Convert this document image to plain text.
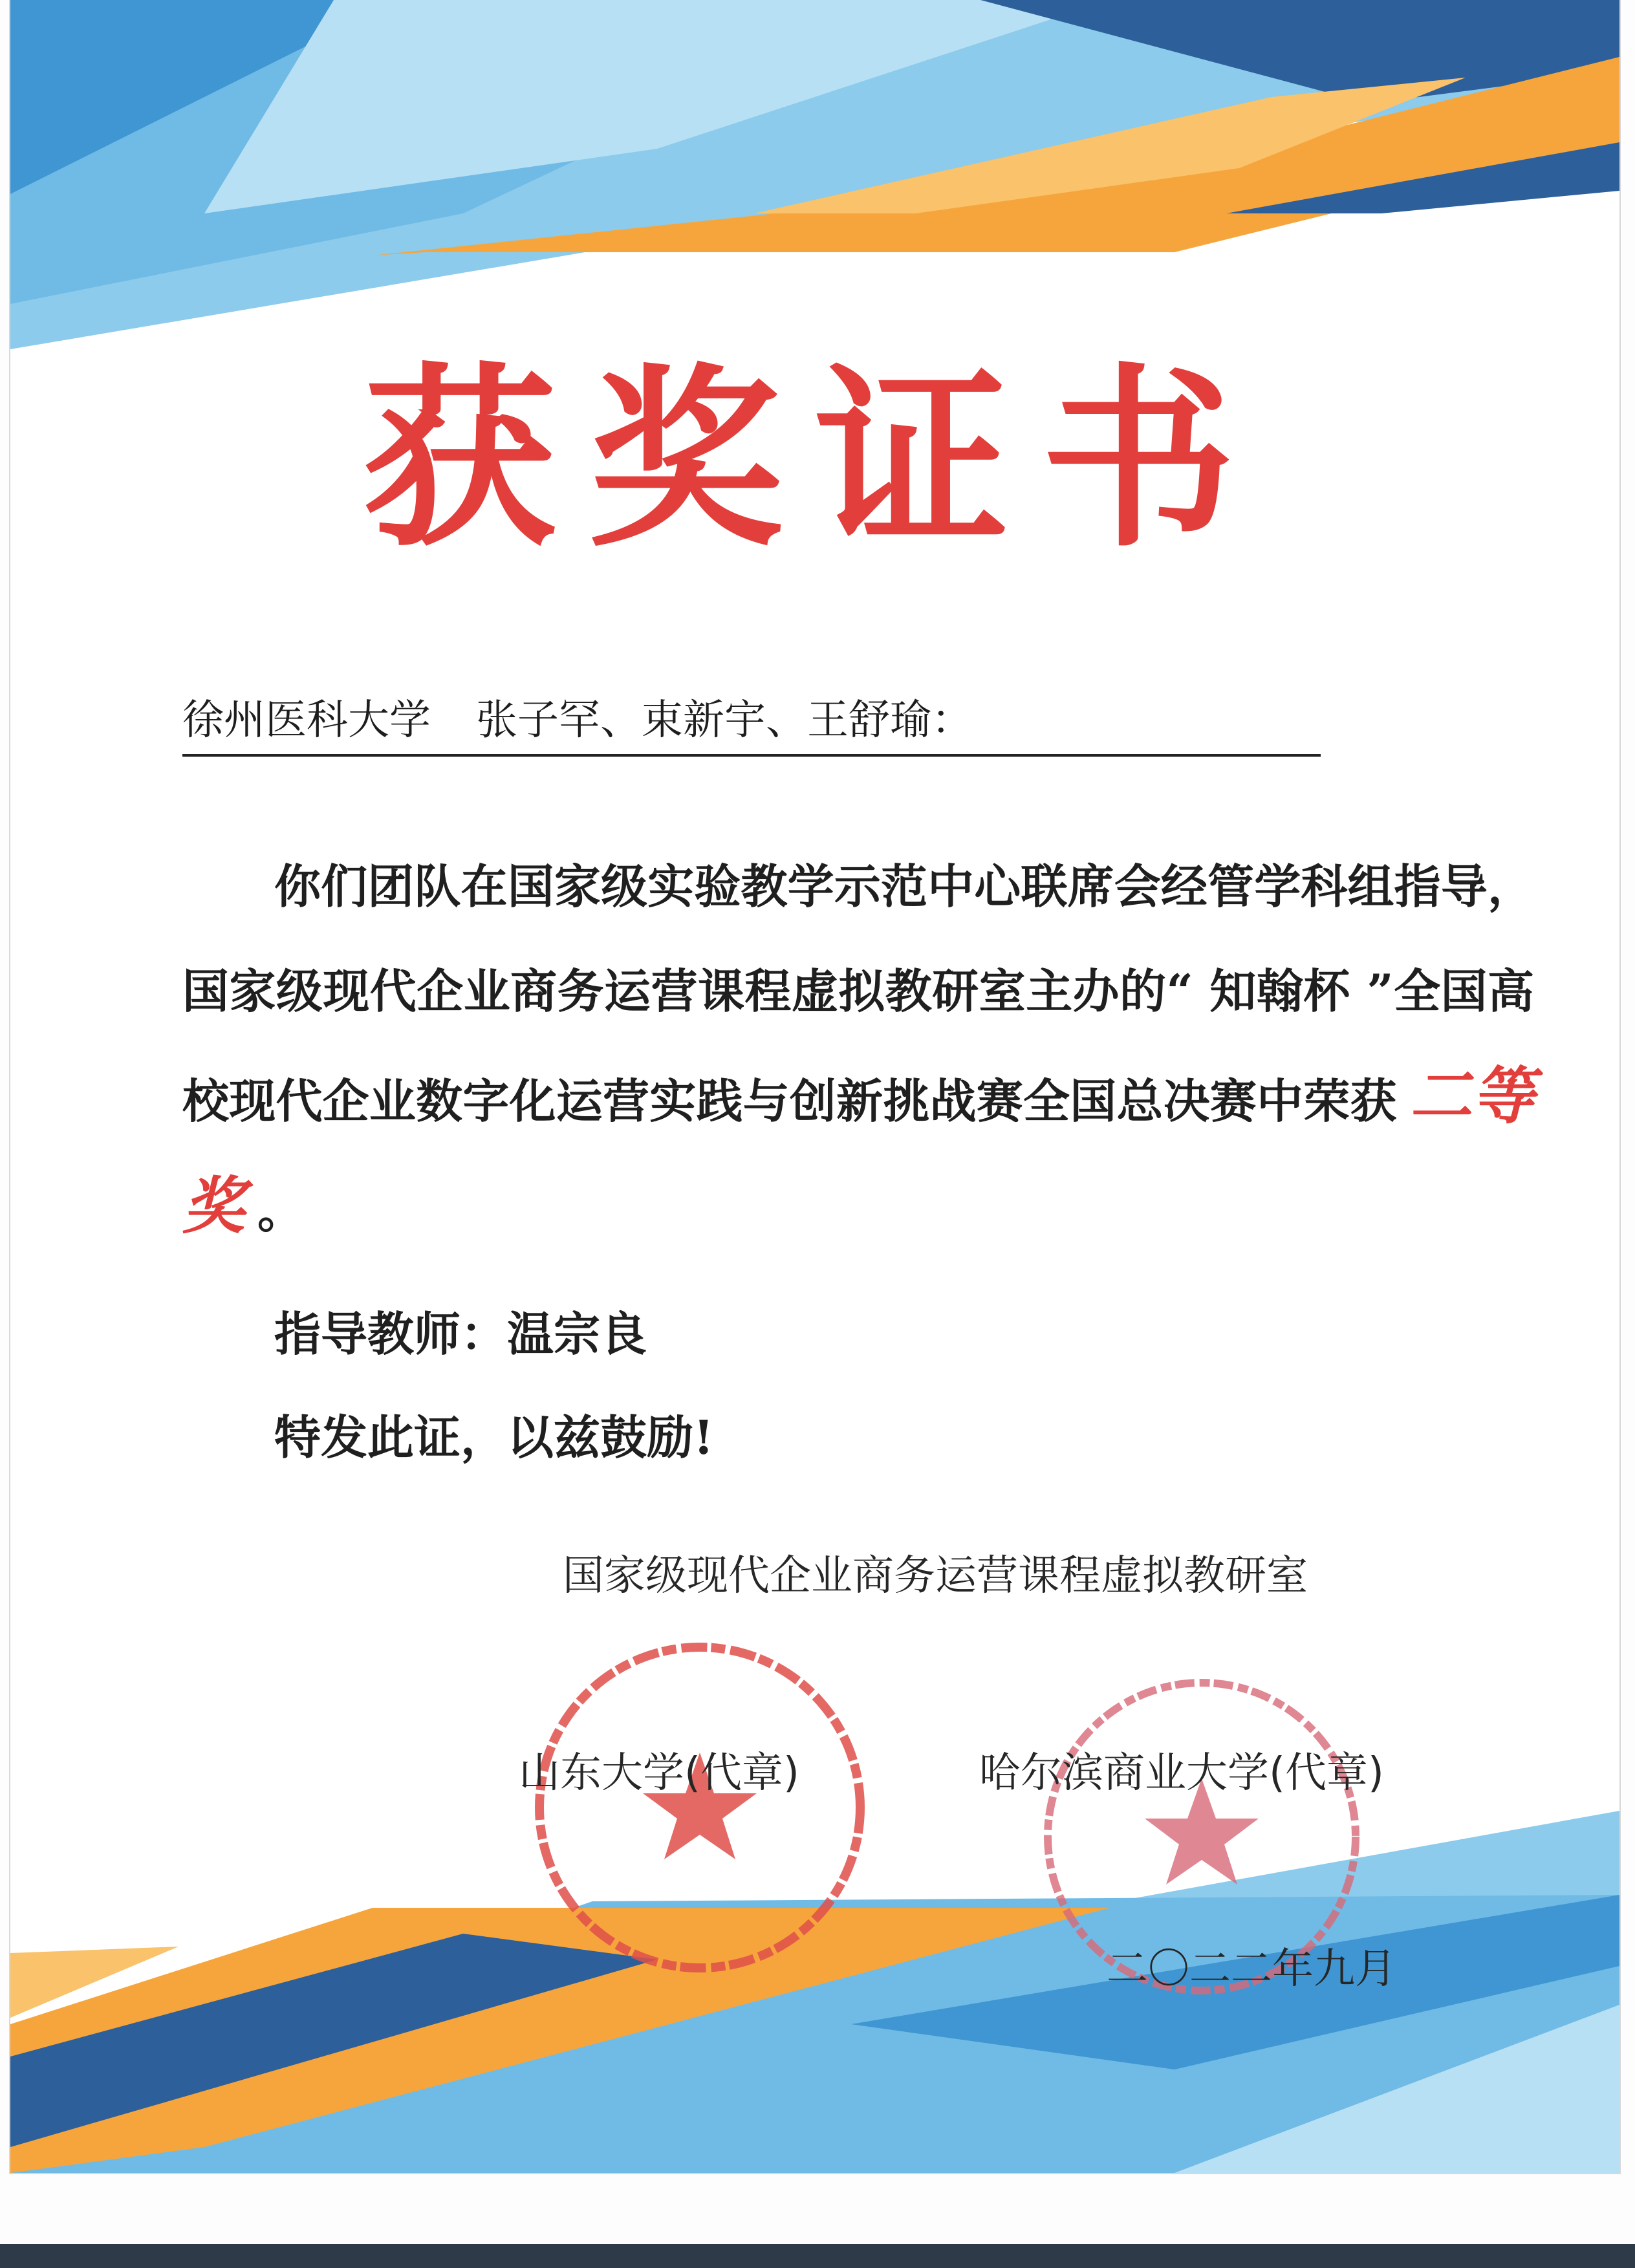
获奖证书
徐州医科大学 张子罕、束新宇、王舒瑜：
你们团队在国家级实验教学示范中心联席会经管学科组指导，国家级现代企业商务运营课程虚拟教研室主办的“ 知翰杯 ”全国高校现代企业数字化运营实践与创新挑战赛全国总决赛中荣获 二等奖 。
指导教师：温宗良
特发此证，以兹鼓励!
国家级现代企业商务运营课程虚拟教研室
山东大学(代章)	哈尔滨商业大学(代章)
二〇二二年九月
